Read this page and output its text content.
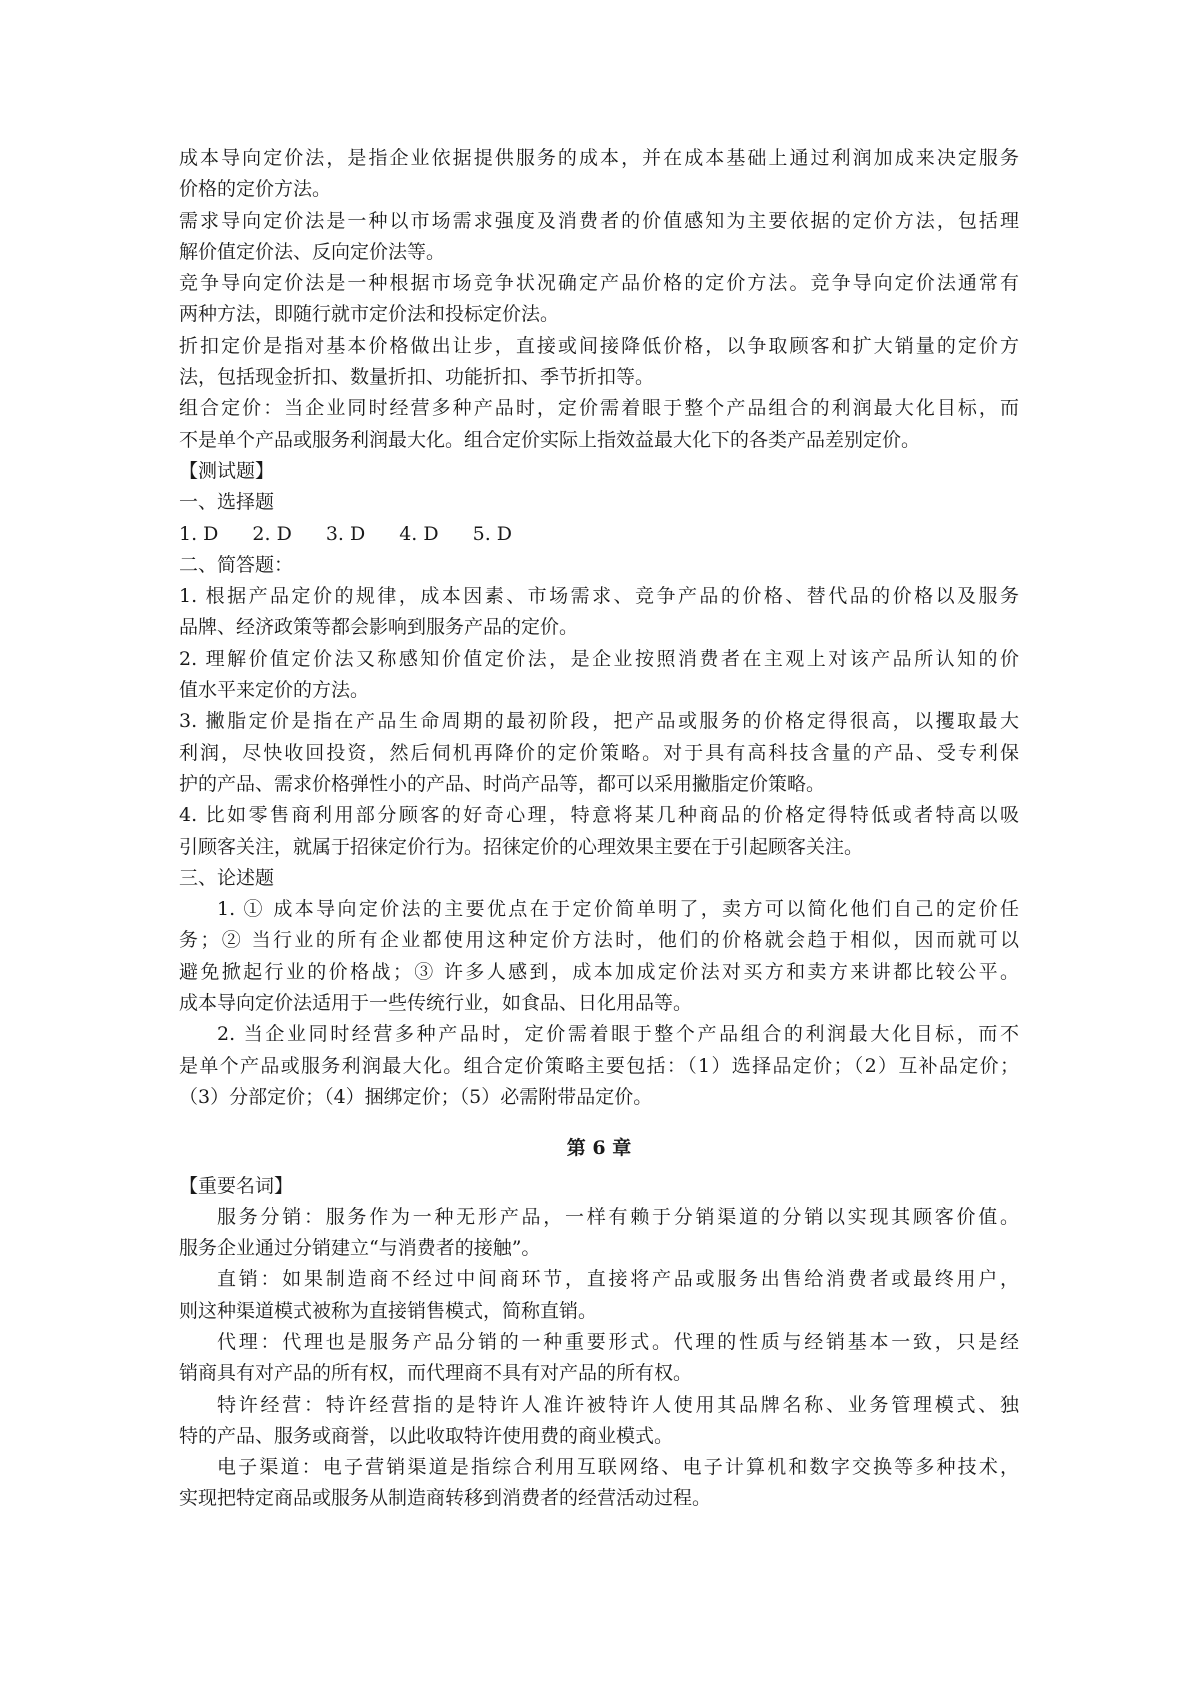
成本导向定价法，是指企业依据提供服务的成本，并在成本基础上通过利润加成来决定服务
价格的定价方法。
需求导向定价法是一种以市场需求强度及消费者的价值感知为主要依据的定价方法，包括理
解价值定价法、反向定价法等。
竞争导向定价法是一种根据市场竞争状况确定产品价格的定价方法。竞争导向定价法通常有
两种方法，即随行就市定价法和投标定价法。
折扣定价是指对基本价格做出让步，直接或间接降低价格，以争取顾客和扩大销量的定价方
法，包括现金折扣、数量折扣、功能折扣、季节折扣等。
组合定价：当企业同时经营多种产品时，定价需着眼于整个产品组合的利润最大化目标，而
不是单个产品或服务利润最大化。组合定价实际上指效益最大化下的各类产品差别定价。
【测试题】
一、选择题
1. D 2. D 3. D 4. D 5. D
二、简答题：
1. 根据产品定价的规律，成本因素、市场需求、竞争产品的价格、替代品的价格以及服务
品牌、经济政策等都会影响到服务产品的定价。
2. 理解价值定价法又称感知价值定价法，是企业按照消费者在主观上对该产品所认知的价
值水平来定价的方法。
3. 撇脂定价是指在产品生命周期的最初阶段，把产品或服务的价格定得很高，以攫取最大
利润，尽快收回投资，然后伺机再降价的定价策略。对于具有高科技含量的产品、受专利保
护的产品、需求价格弹性小的产品、时尚产品等，都可以采用撇脂定价策略。
4. 比如零售商利用部分顾客的好奇心理，特意将某几种商品的价格定得特低或者特高以吸
引顾客关注，就属于招徕定价行为。招徕定价的心理效果主要在于引起顾客关注。
三、论述题
1. ① 成本导向定价法的主要优点在于定价简单明了，卖方可以简化他们自己的定价任
务；② 当行业的所有企业都使用这种定价方法时，他们的价格就会趋于相似，因而就可以
避免掀起行业的价格战；③ 许多人感到，成本加成定价法对买方和卖方来讲都比较公平。
成本导向定价法适用于一些传统行业，如食品、日化用品等。
2. 当企业同时经营多种产品时，定价需着眼于整个产品组合的利润最大化目标，而不
是单个产品或服务利润最大化。组合定价策略主要包括：（1）选择品定价；（2）互补品定价；
（3）分部定价；（4）捆绑定价；（5）必需附带品定价。
第 6 章
【重要名词】
服务分销：服务作为一种无形产品，一样有赖于分销渠道的分销以实现其顾客价值。
服务企业通过分销建立“与消费者的接触”。
直销：如果制造商不经过中间商环节，直接将产品或服务出售给消费者或最终用户，
则这种渠道模式被称为直接销售模式，简称直销。
代理：代理也是服务产品分销的一种重要形式。代理的性质与经销基本一致，只是经
销商具有对产品的所有权，而代理商不具有对产品的所有权。
特许经营：特许经营指的是特许人准许被特许人使用其品牌名称、业务管理模式、独
特的产品、服务或商誉，以此收取特许使用费的商业模式。
电子渠道：电子营销渠道是指综合利用互联网络、电子计算机和数字交换等多种技术，
实现把特定商品或服务从制造商转移到消费者的经营活动过程。
